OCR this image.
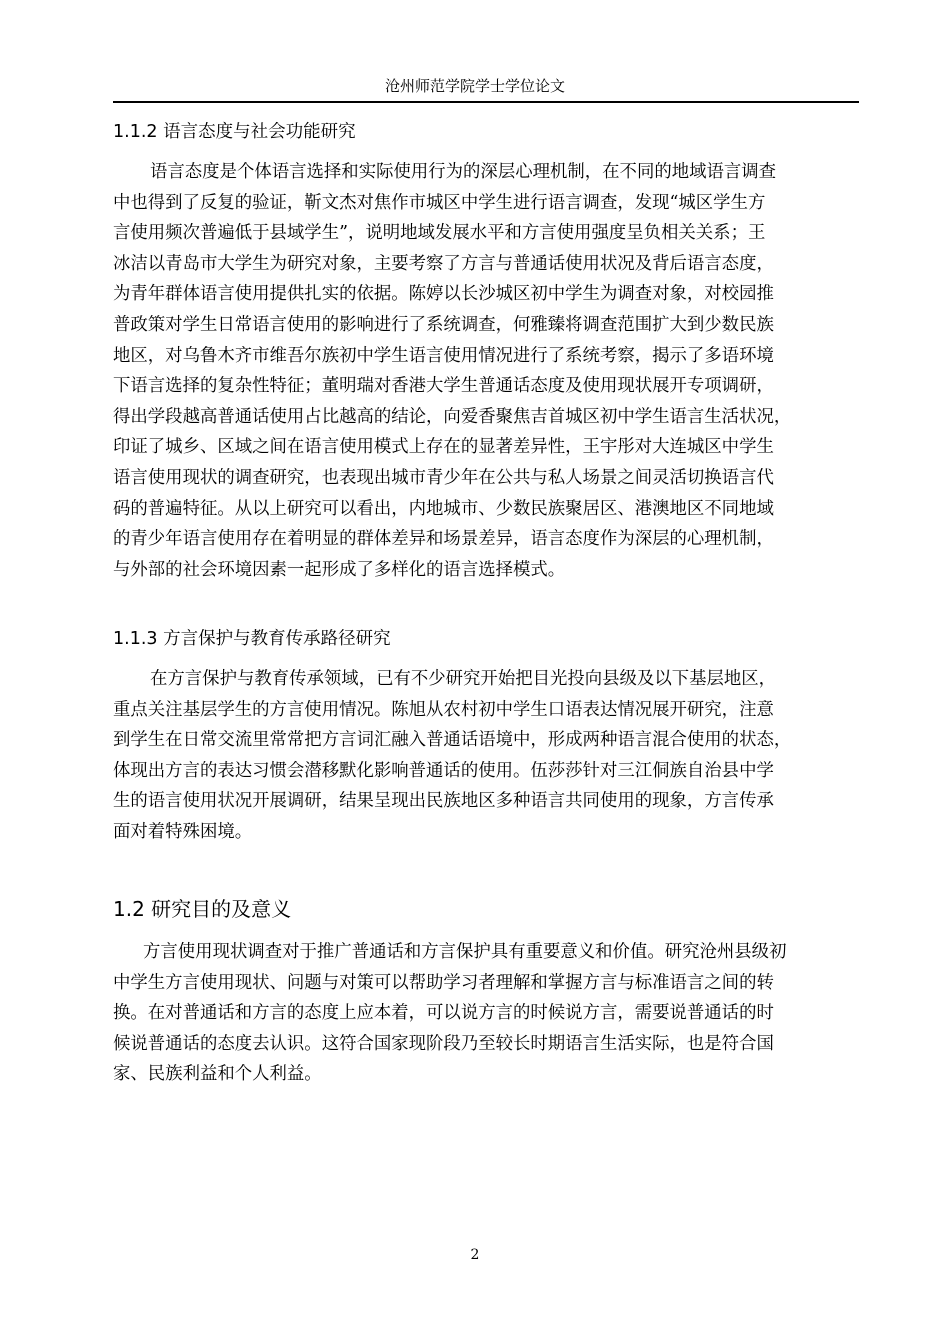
沧州师范学院学士学位论文
1.1.2 语言态度与社会功能研究
语言态度是个体语言选择和实际使用行为的深层心理机制，在不同的地域语言调查
中也得到了反复的验证，靳文杰对焦作市城区中学生进行语言调查，发现“城区学生方
言使用频次普遍低于县域学生”，说明地域发展水平和方言使用强度呈负相关关系；王
冰洁以青岛市大学生为研究对象，主要考察了方言与普通话使用状况及背后语言态度，
为青年群体语言使用提供扎实的依据。陈婷以长沙城区初中学生为调查对象，对校园推
普政策对学生日常语言使用的影响进行了系统调查，何雅臻将调查范围扩大到少数民族
地区，对乌鲁木齐市维吾尔族初中学生语言使用情况进行了系统考察，揭示了多语环境
下语言选择的复杂性特征；董明瑞对香港大学生普通话态度及使用现状展开专项调研，
得出学段越高普通话使用占比越高的结论，向爱香聚焦吉首城区初中学生语言生活状况，
印证了城乡、区域之间在语言使用模式上存在的显著差异性，王宇彤对大连城区中学生
语言使用现状的调查研究，也表现出城市青少年在公共与私人场景之间灵活切换语言代
码的普遍特征。从以上研究可以看出，内地城市、少数民族聚居区、港澳地区不同地域
的青少年语言使用存在着明显的群体差异和场景差异，语言态度作为深层的心理机制，
与外部的社会环境因素一起形成了多样化的语言选择模式。
1.1.3 方言保护与教育传承路径研究
在方言保护与教育传承领域，已有不少研究开始把目光投向县级及以下基层地区，
重点关注基层学生的方言使用情况。陈旭从农村初中学生口语表达情况展开研究，注意
到学生在日常交流里常常把方言词汇融入普通话语境中，形成两种语言混合使用的状态，
体现出方言的表达习惯会潜移默化影响普通话的使用。伍莎莎针对三江侗族自治县中学
生的语言使用状况开展调研，结果呈现出民族地区多种语言共同使用的现象，方言传承
面对着特殊困境。
1.2 研究目的及意义
方言使用现状调查对于推广普通话和方言保护具有重要意义和价值。研究沧州县级初
中学生方言使用现状、问题与对策可以帮助学习者理解和掌握方言与标准语言之间的转
换。在对普通话和方言的态度上应本着，可以说方言的时候说方言，需要说普通话的时
候说普通话的态度去认识。这符合国家现阶段乃至较长时期语言生活实际，也是符合国
家、民族利益和个人利益。
2
